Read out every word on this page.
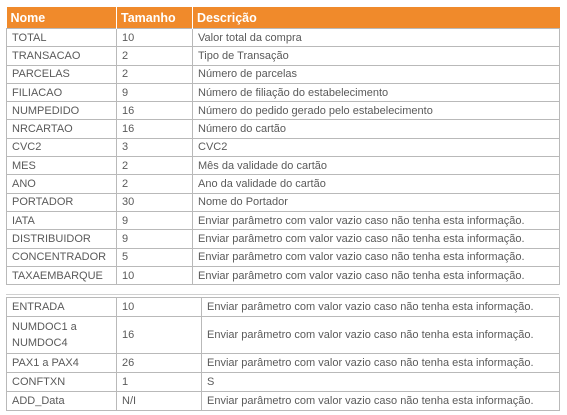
Nome	Tamanho	Descrição
TOTAL	10	Valor total da compra
TRANSACAO	2	Tipo de Transação
PARCELAS	2	Número de parcelas
FILIACAO	9	Número de filiação do estabelecimento
NUMPEDIDO	16	Número do pedido gerado pelo estabelecimento
NRCARTAO	16	Número do cartão
CVC2	3	CVC2
MES	2	Mês da validade do cartão
ANO	2	Ano da validade do cartão
PORTADOR	30	Nome do Portador
IATA	9	Enviar parâmetro com valor vazio caso não tenha esta informação.
DISTRIBUIDOR	9	Enviar parâmetro com valor vazio caso não tenha esta informação.
CONCENTRADOR	5	Enviar parâmetro com valor vazio caso não tenha esta informação.
TAXAEMBARQUE	10	Enviar parâmetro com valor vazio caso não tenha esta informação.
ENTRADA	10	Enviar parâmetro com valor vazio caso não tenha esta informação.
NUMDOC1 a NUMDOC4	16	Enviar parâmetro com valor vazio caso não tenha esta informação.
PAX1 a PAX4	26	Enviar parâmetro com valor vazio caso não tenha esta informação.
CONFTXN	1	S
ADD_Data	N/I	Enviar parâmetro com valor vazio caso não tenha esta informação.
